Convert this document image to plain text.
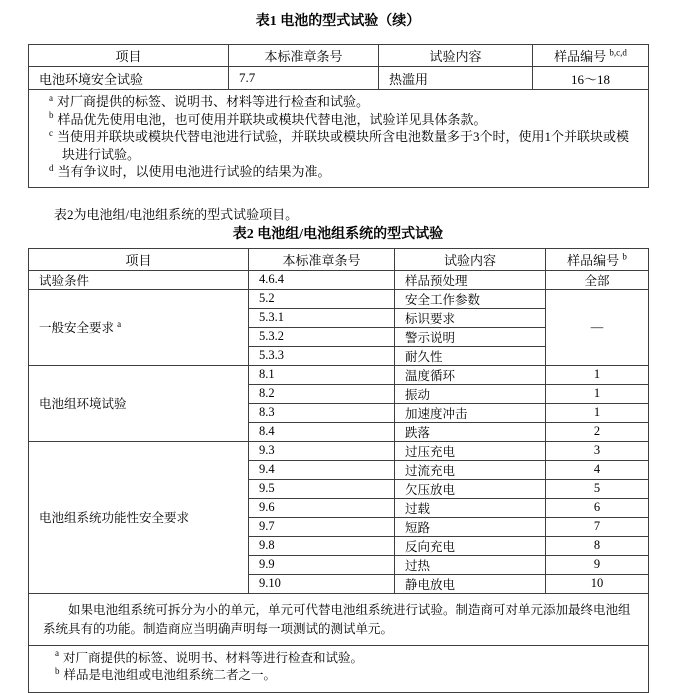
表1 电池的型式试验（续）
项目	本标准章条号	试验内容	样品编号 $^{b,c,d}$
电池环境安全试验	7.7	热滥用	16～18

$^a$ 对厂商提供的标签、说明书、材料等进行检查和试验。
$^b$ 样品优先使用电池，也可使用并联块或模块代替电池，试验详见具体条款。
$^c$ 当使用并联块或模块代替电池进行试验，并联块或模块所含电池数量多于3个时，使用1个并联块或模块进行试验。
$^d$ 当有争议时，以使用电池进行试验的结果为准。			
表2为电池组/电池组系统的型式试验项目。
表2 电池组/电池组系统的型式试验
项目	本标准章条号	试验内容	样品编号 $^b$
试验条件	4.6.4	样品预处理	全部
一般安全要求 $^a$	5.2	安全工作参数	—
	5.3.1	标识要求	
	5.3.2	警示说明	
	5.3.3	耐久性	
电池组环境试验	8.1	温度循环	1
	8.2	振动	1
	8.3	加速度冲击	1
	8.4	跌落	2
电池组系统功能性安全要求	9.3	过压充电	3
	9.4	过流充电	4
	9.5	欠压放电	5
	9.6	过载	6
	9.7	短路	7
	9.8	反向充电	8
	9.9	过热	9
	9.10	静电放电	10

如果电池组系统可拆分为小的单元，单元可代替电池组系统进行试验。制造商可对单元添加最终电池组系统具有的功能。制造商应当明确声明每一项测试的测试单元。			

$^a$ 对厂商提供的标签、说明书、材料等进行检查和试验。
$^b$ 样品是电池组或电池组系统二者之一。			
